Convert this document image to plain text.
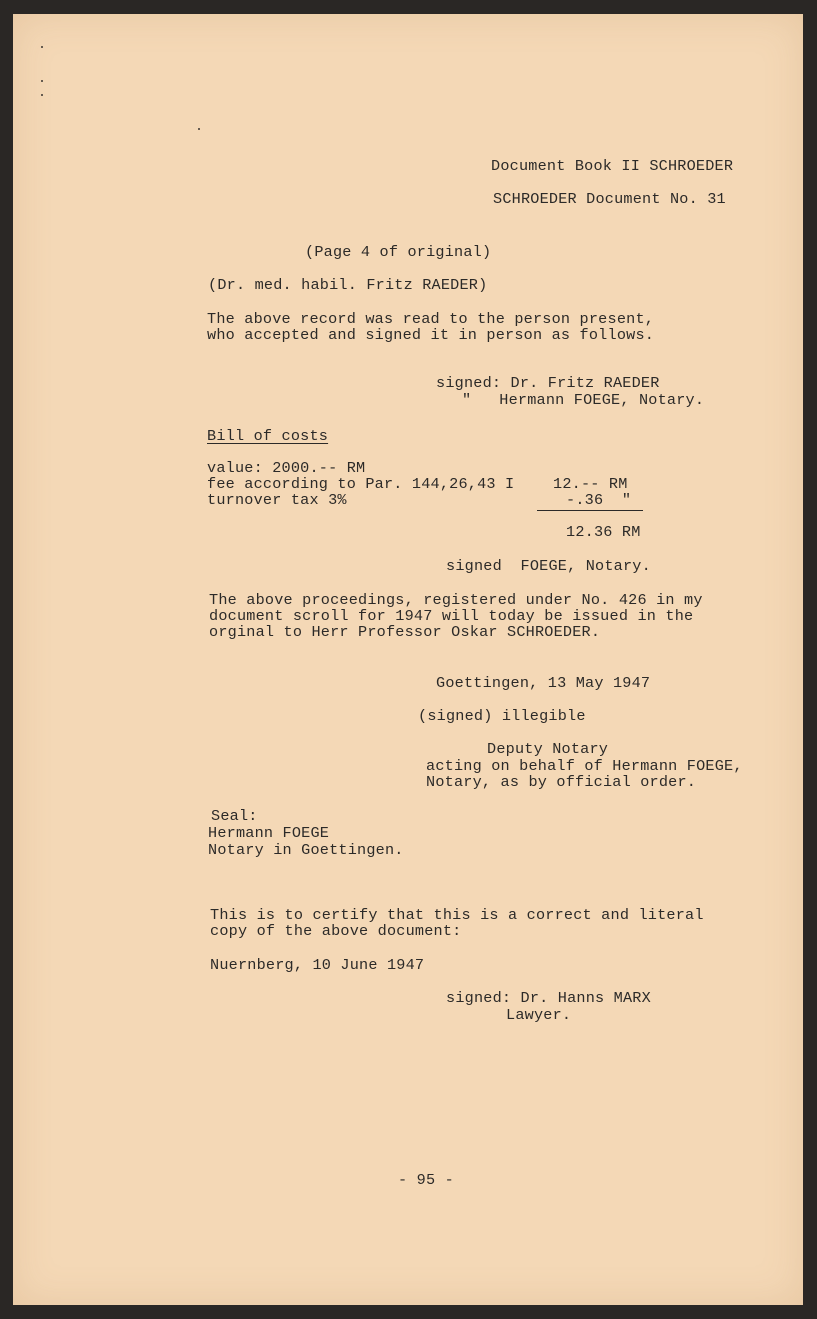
Document Book II SCHROEDER
SCHROEDER Document No. 31
(Page 4 of original)
(Dr. med. habil. Fritz RAEDER)
The above record was read to the person present,
who accepted and signed it in person as follows.
signed: Dr. Fritz RAEDER
"   Hermann FOEGE, Notary.
Bill of costs
value: 2000.-- RM
fee according to Par. 144,26,43 I	12.-- RM
turnover tax 3%	-.36  "
12.36 RM
signed  FOEGE, Notary.
The above proceedings, registered under No. 426 in my
document scroll for 1947 will today be issued in the
orginal to Herr Professor Oskar SCHROEDER.
Goettingen, 13 May 1947
(signed) illegible
Deputy Notary
acting on behalf of Hermann FOEGE,
Notary, as by official order.
Seal:
Hermann FOEGE
Notary in Goettingen.
This is to certify that this is a correct and literal
copy of the above document:
Nuernberg, 10 June 1947
signed: Dr. Hanns MARX
Lawyer.
- 95 -
